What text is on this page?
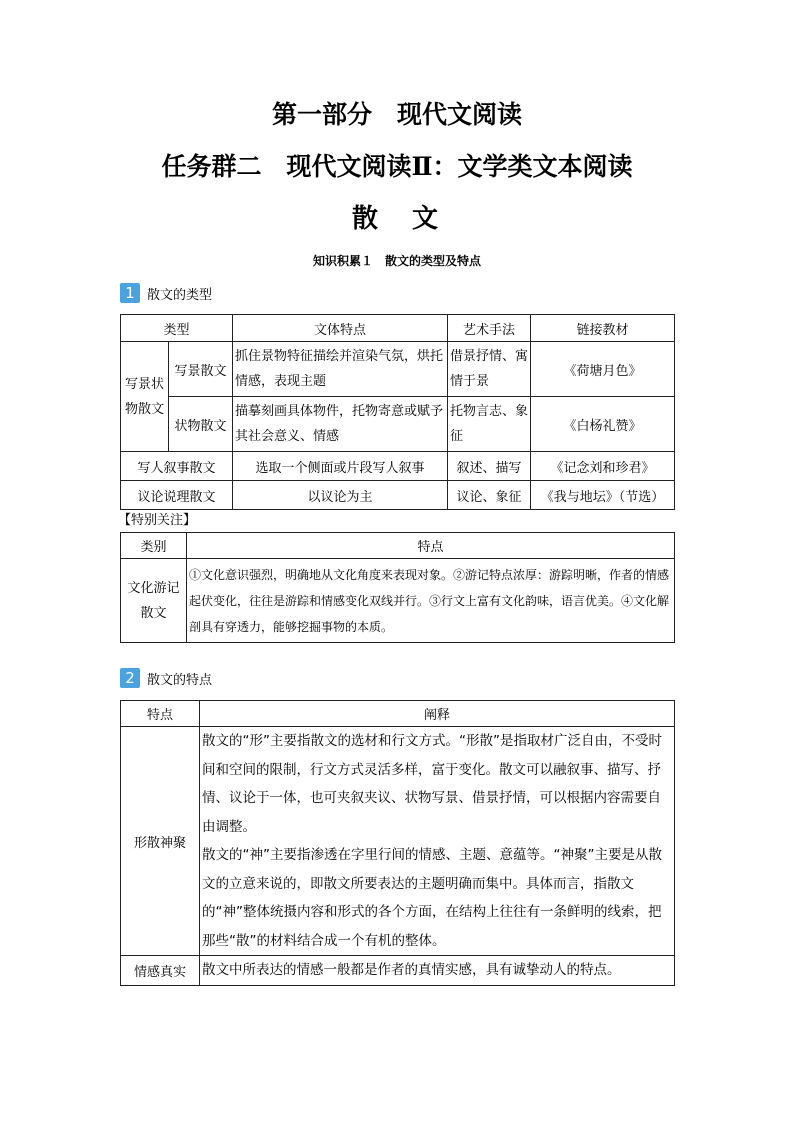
第一部分　现代文阅读
任务群二　现代文阅读Ⅱ：文学类文本阅读
散　文

知识积累１　散文的类型及特点

1 散文的类型
类型		文体特点	艺术手法	链接教材
写景状物散文	写景散文	抓住景物特征描绘并渲染气氛，烘托情感，表现主题	借景抒情、寓情于景	《荷塘月色》
	状物散文	描摹刻画具体物件，托物寄意或赋予其社会意义、情感	托物言志、象征	《白杨礼赞》
写人叙事散文		选取一个侧面或片段写人叙事	叙述、描写	《记念刘和珍君》
议论说理散文		以议论为主	议论、象征	《我与地坛》（节选）

【特别关注】

类别	特点
文化游记散文	①文化意识强烈，明确地从文化角度来表现对象。②游记特点浓厚：游踪明晰，作者的情感起伏变化，往往是游踪和情感变化双线并行。③行文上富有文化韵味，语言优美。④文化解剖具有穿透力，能够挖掘事物的本质。
2 散文的特点
特点	阐释
形散神聚	散文的“形”主要指散文的选材和行文方式。“形散”是指取材广泛自由，不受时间和空间的限制，行文方式灵活多样，富于变化。散文可以融叙事、描写、抒情、议论于一体，也可夹叙夹议、状物写景、借景抒情，可以根据内容需要自由调整。
散文的“神”主要指渗透在字里行间的情感、主题、意蕴等。“神聚”主要是从散文的立意来说的，即散文所要表达的主题明确而集中。具体而言，指散文的“神”整体统摄内容和形式的各个方面，在结构上往往有一条鲜明的线索，把那些“散”的材料结合成一个有机的整体。

情感真实	散文中所表达的情感一般都是作者的真情实感，具有诚挚动人的特点。
